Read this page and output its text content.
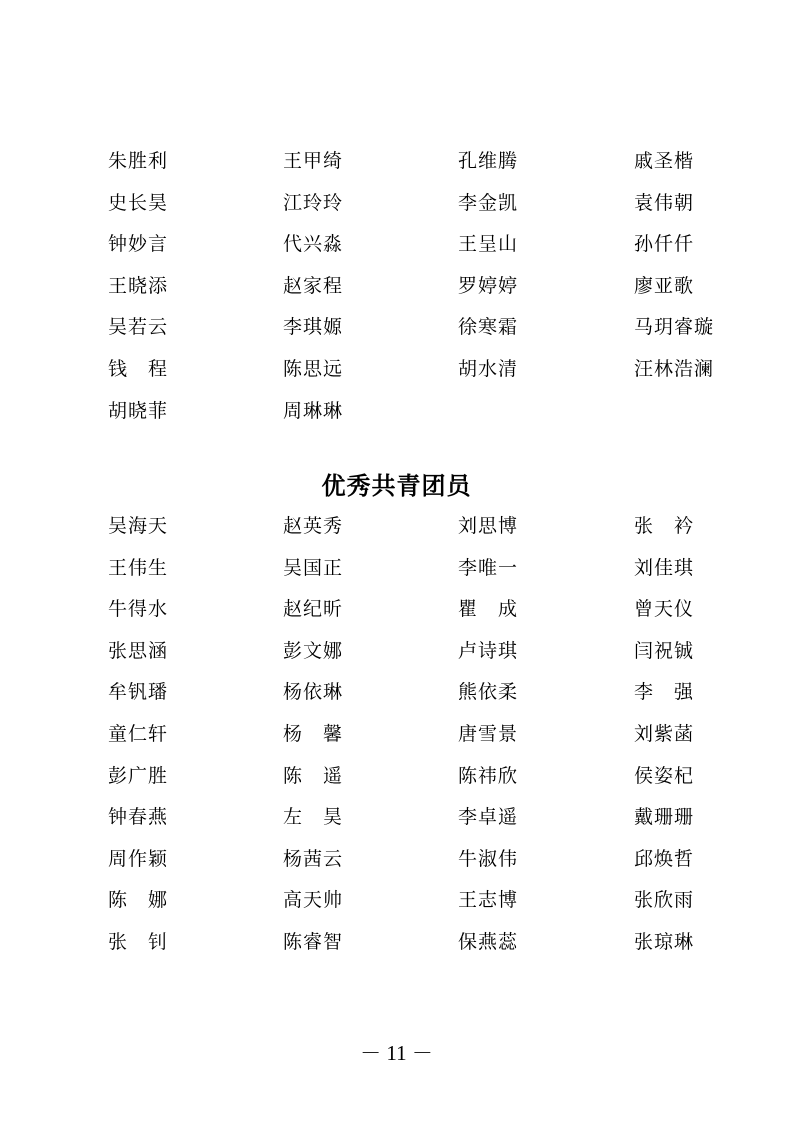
朱胜利	王甲绮	孔维腾	戚圣楷
史长昊	江玲玲	李金凯	袁伟朝
钟妙言	代兴淼	王呈山	孙仟仟
王晓添	赵家程	罗婷婷	廖亚歌
吴若云	李琪嫄	徐寒霜	马玥睿璇
钱　程	陈思远	胡水清	汪林浩澜
胡晓菲	周琳琳
优秀共青团员
吴海天	赵英秀	刘思博	张　衿
王伟生	吴国正	李唯一	刘佳琪
牛得水	赵纪昕	瞿　成	曾天仪
张思涵	彭文娜	卢诗琪	闫祝铖
牟钒璠	杨依琳	熊依柔	李　强
童仁轩	杨　馨	唐雪景	刘紫菡
彭广胜	陈　遥	陈祎欣	侯姿杞
钟春燕	左　昊	李卓遥	戴珊珊
周作颖	杨茜云	牛淑伟	邱焕哲
陈　娜	高天帅	王志博	张欣雨
张　钊	陈睿智	保燕蕊	张琼琳
－ 11 －
